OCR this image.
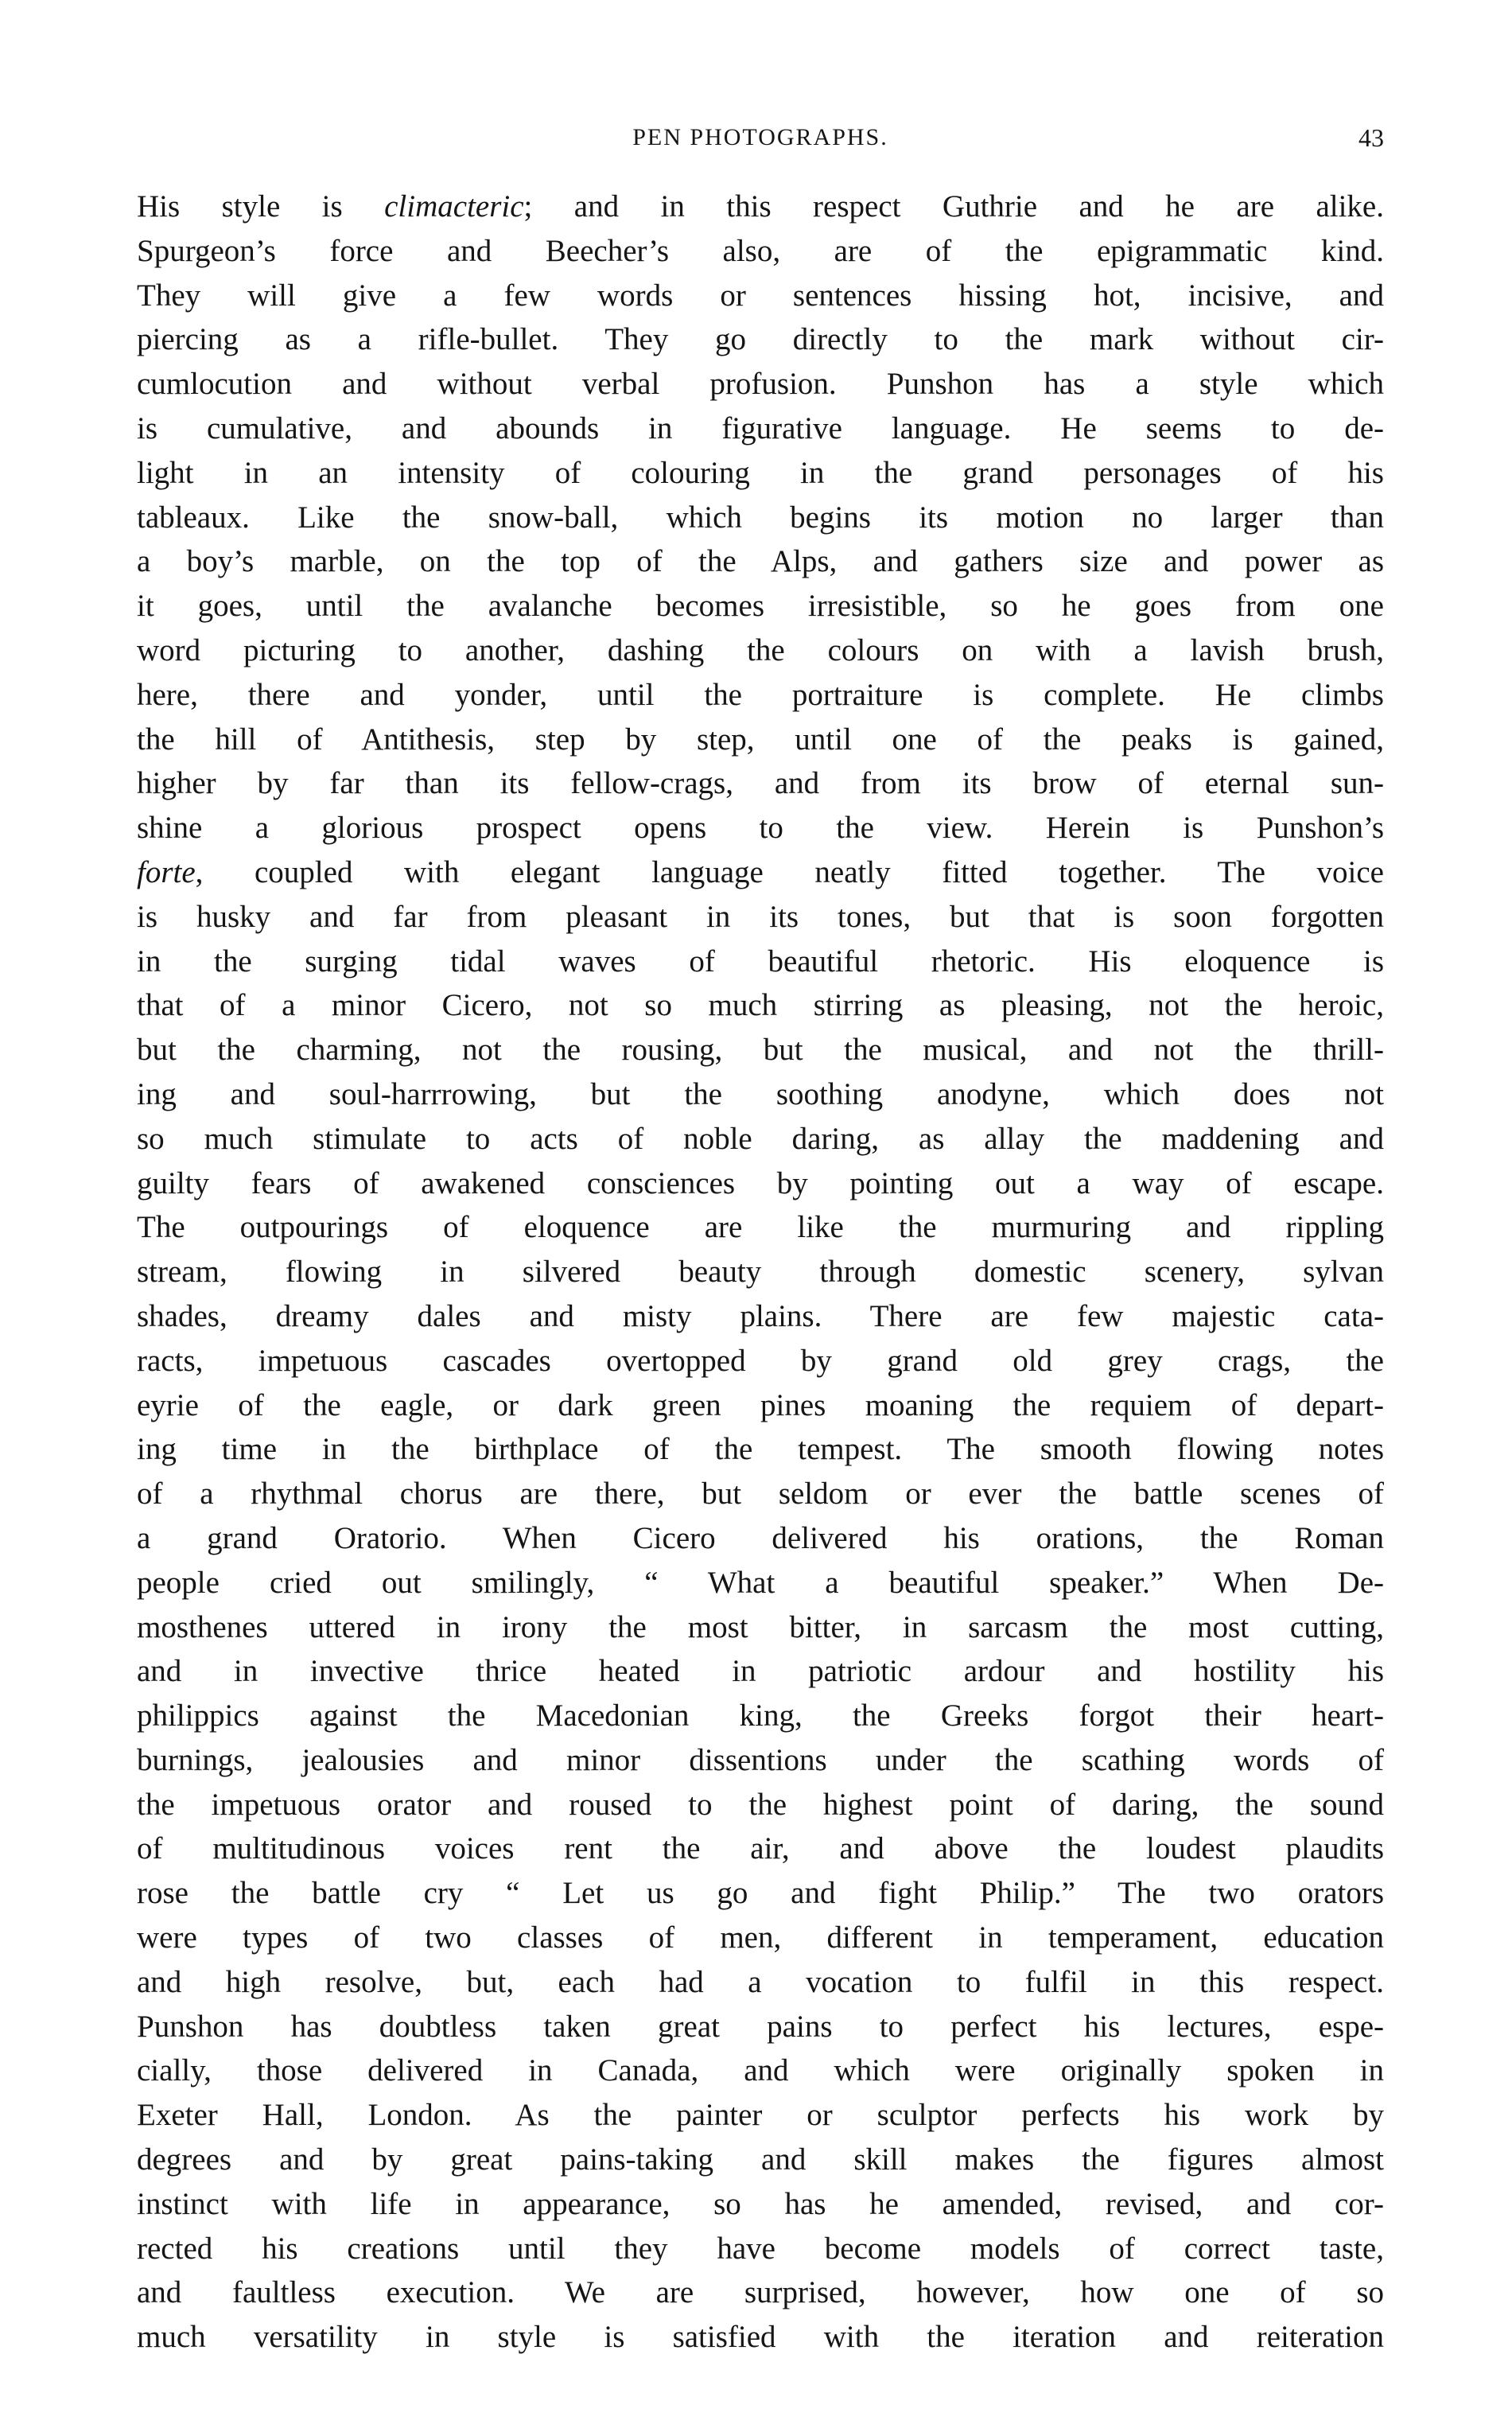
PEN PHOTOGRAPHS.	43
His style is climacteric; and in this respect Guthrie and he are alike.
Spurgeon’s force and Beecher’s also, are of the epigrammatic kind.
They will give a few words or sentences hissing hot, incisive, and
piercing as a rifle-bullet. They go directly to the mark without cir-
cumlocution and without verbal profusion. Punshon has a style which
is cumulative, and abounds in figurative language. He seems to de-
light in an intensity of colouring in the grand personages of his
tableaux. Like the snow-ball, which begins its motion no larger than
a boy’s marble, on the top of the Alps, and gathers size and power as
it goes, until the avalanche becomes irresistible, so he goes from one
word picturing to another, dashing the colours on with a lavish brush,
here, there and yonder, until the portraiture is complete. He climbs
the hill of Antithesis, step by step, until one of the peaks is gained,
higher by far than its fellow-crags, and from its brow of eternal sun-
shine a glorious prospect opens to the view. Herein is Punshon’s
forte, coupled with elegant language neatly fitted together. The voice
is husky and far from pleasant in its tones, but that is soon forgotten
in the surging tidal waves of beautiful rhetoric. His eloquence is
that of a minor Cicero, not so much stirring as pleasing, not the heroic,
but the charming, not the rousing, but the musical, and not the thrill-
ing and soul-harrrowing, but the soothing anodyne, which does not
so much stimulate to acts of noble daring, as allay the maddening and
guilty fears of awakened consciences by pointing out a way of escape.
The outpourings of eloquence are like the murmuring and rippling
stream, flowing in silvered beauty through domestic scenery, sylvan
shades, dreamy dales and misty plains. There are few majestic cata-
racts, impetuous cascades overtopped by grand old grey crags, the
eyrie of the eagle, or dark green pines moaning the requiem of depart-
ing time in the birthplace of the tempest. The smooth flowing notes
of a rhythmal chorus are there, but seldom or ever the battle scenes of
a grand Oratorio. When Cicero delivered his orations, the Roman
people cried out smilingly, “ What a beautiful speaker.” When De-
mosthenes uttered in irony the most bitter, in sarcasm the most cutting,
and in invective thrice heated in patriotic ardour and hostility his
philippics against the Macedonian king, the Greeks forgot their heart-
burnings, jealousies and minor dissentions under the scathing words of
the impetuous orator and roused to the highest point of daring, the sound
of multitudinous voices rent the air, and above the loudest plaudits
rose the battle cry “ Let us go and fight Philip.” The two orators
were types of two classes of men, different in temperament, education
and high resolve, but, each had a vocation to fulfil in this respect.
Punshon has doubtless taken great pains to perfect his lectures, espe-
cially, those delivered in Canada, and which were originally spoken in
Exeter Hall, London. As the painter or sculptor perfects his work by
degrees and by great pains-taking and skill makes the figures almost
instinct with life in appearance, so has he amended, revised, and cor-
rected his creations until they have become models of correct taste,
and faultless execution. We are surprised, however, how one of so
much versatility in style is satisfied with the iteration and reiteration
